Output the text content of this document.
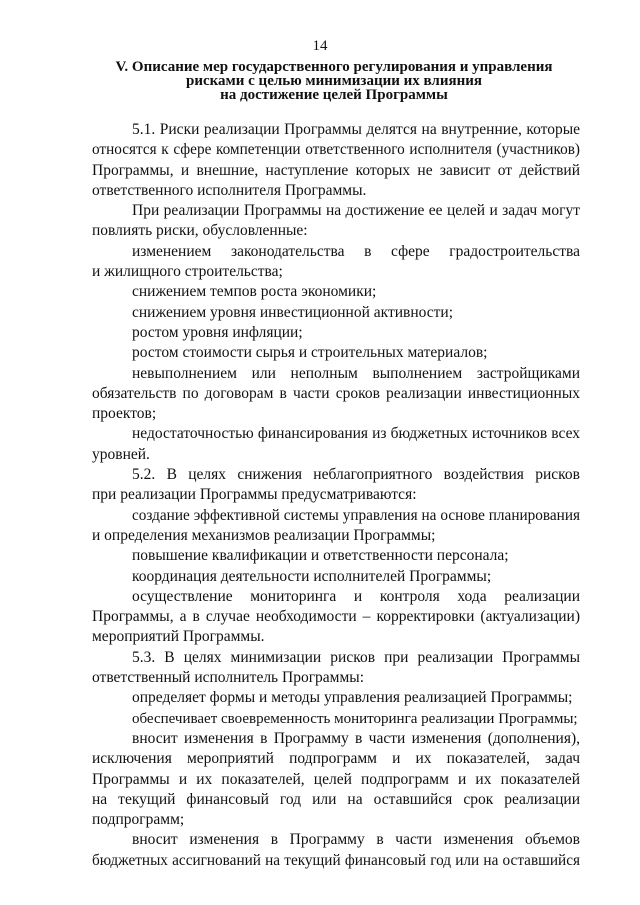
14
V. Описание мер государственного регулирования и управления
рисками с целью минимизации их влияния
на достижение целей Программы
5.1. Риски реализации Программы делятся на внутренние, которые
относятся к сфере компетенции ответственного исполнителя (участников)
Программы, и внешние, наступление которых не зависит от действий
ответственного исполнителя Программы.
При реализации Программы на достижение ее целей и задач могут
повлиять риски, обусловленные:
изменением законодательства в сфере градостроительства
и жилищного строительства;
снижением темпов роста экономики;
снижением уровня инвестиционной активности;
ростом уровня инфляции;
ростом стоимости сырья и строительных материалов;
невыполнением или неполным выполнением застройщиками
обязательств по договорам в части сроков реализации инвестиционных
проектов;
недостаточностью финансирования из бюджетных источников всех
уровней.
5.2. В целях снижения неблагоприятного воздействия рисков
при реализации Программы предусматриваются:
создание эффективной системы управления на основе планирования
и определения механизмов реализации Программы;
повышение квалификации и ответственности персонала;
координация деятельности исполнителей Программы;
осуществление мониторинга и контроля хода реализации
Программы, а в случае необходимости – корректировки (актуализации)
мероприятий Программы.
5.3. В целях минимизации рисков при реализации Программы
ответственный исполнитель Программы:
определяет формы и методы управления реализацией Программы;
обеспечивает своевременность мониторинга реализации Программы;
вносит изменения в Программу в части изменения (дополнения),
исключения мероприятий подпрограмм и их показателей, задач
Программы и их показателей, целей подпрограмм и их показателей
на текущий финансовый год или на оставшийся срок реализации
подпрограмм;
вносит изменения в Программу в части изменения объемов
бюджетных ассигнований на текущий финансовый год или на оставшийся
